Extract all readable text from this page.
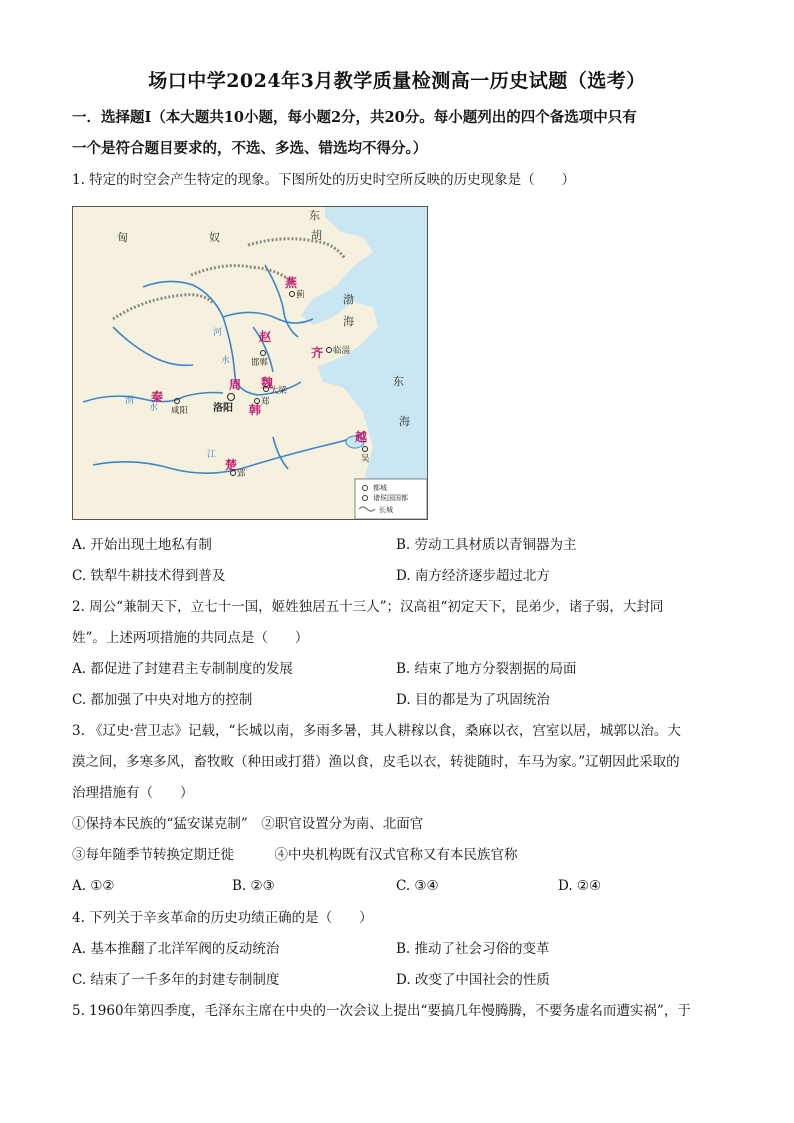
场口中学2024年3月教学质量检测高一历史试题（选考）
一．选择题Ⅰ（本大题共10小题，每小题2分，共20分。每小题列出的四个备选项中只有
一个是符合题目要求的，不选、多选、错选均不得分。）
1. 特定的时空会产生特定的现象。下图所处的历史时空所反映的历史现象是（　　）
匈	奴
东
胡
渤
海
东
海
河
水
渭
水
江
燕
赵
齐
周 魏
韩
秦
越
楚
蓟
邯郸
临淄
大梁
郑
洛阳
咸阳
吴
郢
都城
诸侯国国都
长城
A. 开始出现土地私有制	B. 劳动工具材质以青铜器为主
C. 铁犁牛耕技术得到普及	D. 南方经济逐步超过北方
2. 周公“兼制天下，立七十一国，姬姓独居五十三人”；汉高祖“初定天下，昆弟少，诸子弱，大封同
姓”。上述两项措施的共同点是（　　）
A. 都促进了封建君主专制制度的发展	B. 结束了地方分裂割据的局面
C. 都加强了中央对地方的控制	D. 目的都是为了巩固统治
3. 《辽史·营卫志》记载，“长城以南，多雨多暑，其人耕稼以食，桑麻以衣，宫室以居，城郭以治。大
漠之间，多寒多风，畜牧畋（种田或打猎）渔以食，皮毛以衣，转徙随时，车马为家。”辽朝因此采取的
治理措施有（　　）
①保持本民族的“猛安谋克制”　②职官设置分为南、北面官
③每年随季节转换定期迁徙　　　④中央机构既有汉式官称又有本民族官称
A. ①②	B. ②③	C. ③④	D. ②④
4. 下列关于辛亥革命的历史功绩正确的是（　　）
A. 基本推翻了北洋军阀的反动统治	B. 推动了社会习俗的变革
C. 结束了一千多年的封建专制制度	D. 改变了中国社会的性质
5. 1960年第四季度，毛泽东主席在中央的一次会议上提出“要搞几年慢腾腾，不要务虚名而遭实祸”，于
